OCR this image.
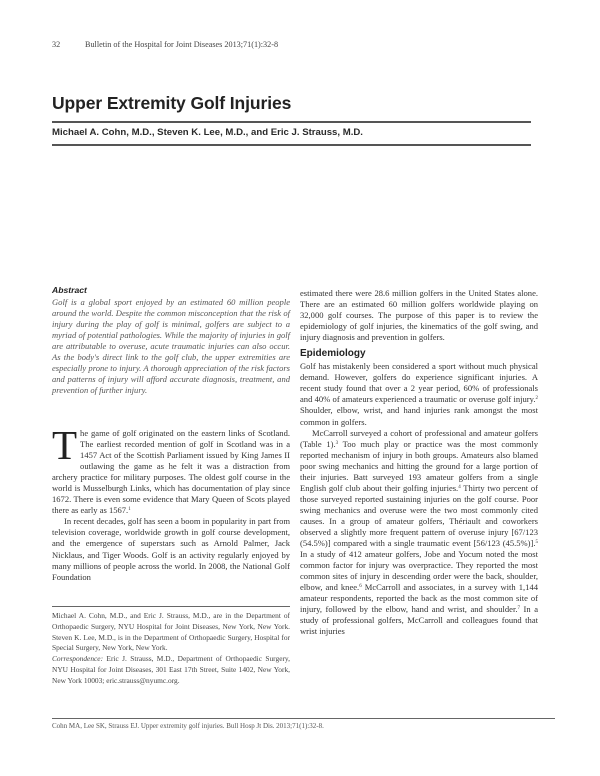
32	Bulletin of the Hospital for Joint Diseases 2013;71(1):32-8
Upper Extremity Golf Injuries
Michael A. Cohn, M.D., Steven K. Lee, M.D., and Eric J. Strauss, M.D.
Abstract
Golf is a global sport enjoyed by an estimated 60 million people around the world. Despite the common misconception that the risk of injury during the play of golf is minimal, golfers are subject to a myriad of potential pathologies. While the majority of injuries in golf are attributable to overuse, acute traumatic injuries can also occur. As the body's direct link to the golf club, the upper extremities are especially prone to injury. A thorough appreciation of the risk factors and patterns of injury will afford accurate diagnosis, treatment, and prevention of further injury.

The game of golf originated on the eastern links of Scotland. The earliest recorded mention of golf in Scotland was in a 1457 Act of the Scottish Parliament issued by King James II outlawing the game as he felt it was a distraction from archery practice for military purposes. The oldest golf course in the world is Musselburgh Links, which has documentation of play since 1672. There is even some evidence that Mary Queen of Scots played there as early as 1567.$^1$

In recent decades, golf has seen a boom in popularity in part from television coverage, worldwide growth in golf course development, and the emergence of superstars such as Arnold Palmer, Jack Nicklaus, and Tiger Woods. Golf is an activity regularly enjoyed by many millions of people across the world. In 2008, the National Golf Foundation

Michael A. Cohn, M.D., and Eric J. Strauss, M.D., are in the Department of Orthopaedic Surgery, NYU Hospital for Joint Diseases, New York, New York. Steven K. Lee, M.D., is in the Department of Orthopaedic Surgery, Hospital for Special Surgery, New York, New York.

Correspondence: Eric J. Strauss, M.D., Department of Orthopaedic Surgery, NYU Hospital for Joint Diseases, 301 East 17th Street, Suite 1402, New York, New York 10003; eric.strauss@nyumc.org.

estimated there were 28.6 million golfers in the United States alone. There are an estimated 60 million golfers worldwide playing on 32,000 golf courses. The purpose of this paper is to review the epidemiology of golf injuries, the kinematics of the golf swing, and injury diagnosis and prevention in golfers.

Epidemiology

Golf has mistakenly been considered a sport without much physical demand. However, golfers do experience significant injuries. A recent study found that over a 2 year period, 60% of professionals and 40% of amateurs experienced a traumatic or overuse golf injury.$^2$ Shoulder, elbow, wrist, and hand injuries rank amongst the most common in golfers.

McCarroll surveyed a cohort of professional and amateur golfers (Table 1).$^3$ Too much play or practice was the most commonly reported mechanism of injury in both groups. Amateurs also blamed poor swing mechanics and hitting the ground for a large portion of their injuries. Batt surveyed 193 amateur golfers from a single English golf club about their golfing injuries.$^4$ Thirty two percent of those surveyed reported sustaining injuries on the golf course. Poor swing mechanics and overuse were the two most commonly cited causes. In a group of amateur golfers, Thériault and coworkers observed a slightly more frequent pattern of overuse injury [67/123 (54.5%)] compared with a single traumatic event [56/123 (45.5%)].$^5$ In a study of 412 amateur golfers, Jobe and Yocum noted the most common factor for injury was overpractice. They reported the most common sites of injury in descending order were the back, shoulder, elbow, and knee.$^6$ McCarroll and associates, in a survey with 1,144 amateur respondents, reported the back as the most common site of injury, followed by the elbow, hand and wrist, and shoulder.$^7$ In a study of professional golfers, McCarroll and colleagues found that wrist injuries

Cohn MA, Lee SK, Strauss EJ. Upper extremity golf injuries. Bull Hosp Jt Dis. 2013;71(1):32-8.
